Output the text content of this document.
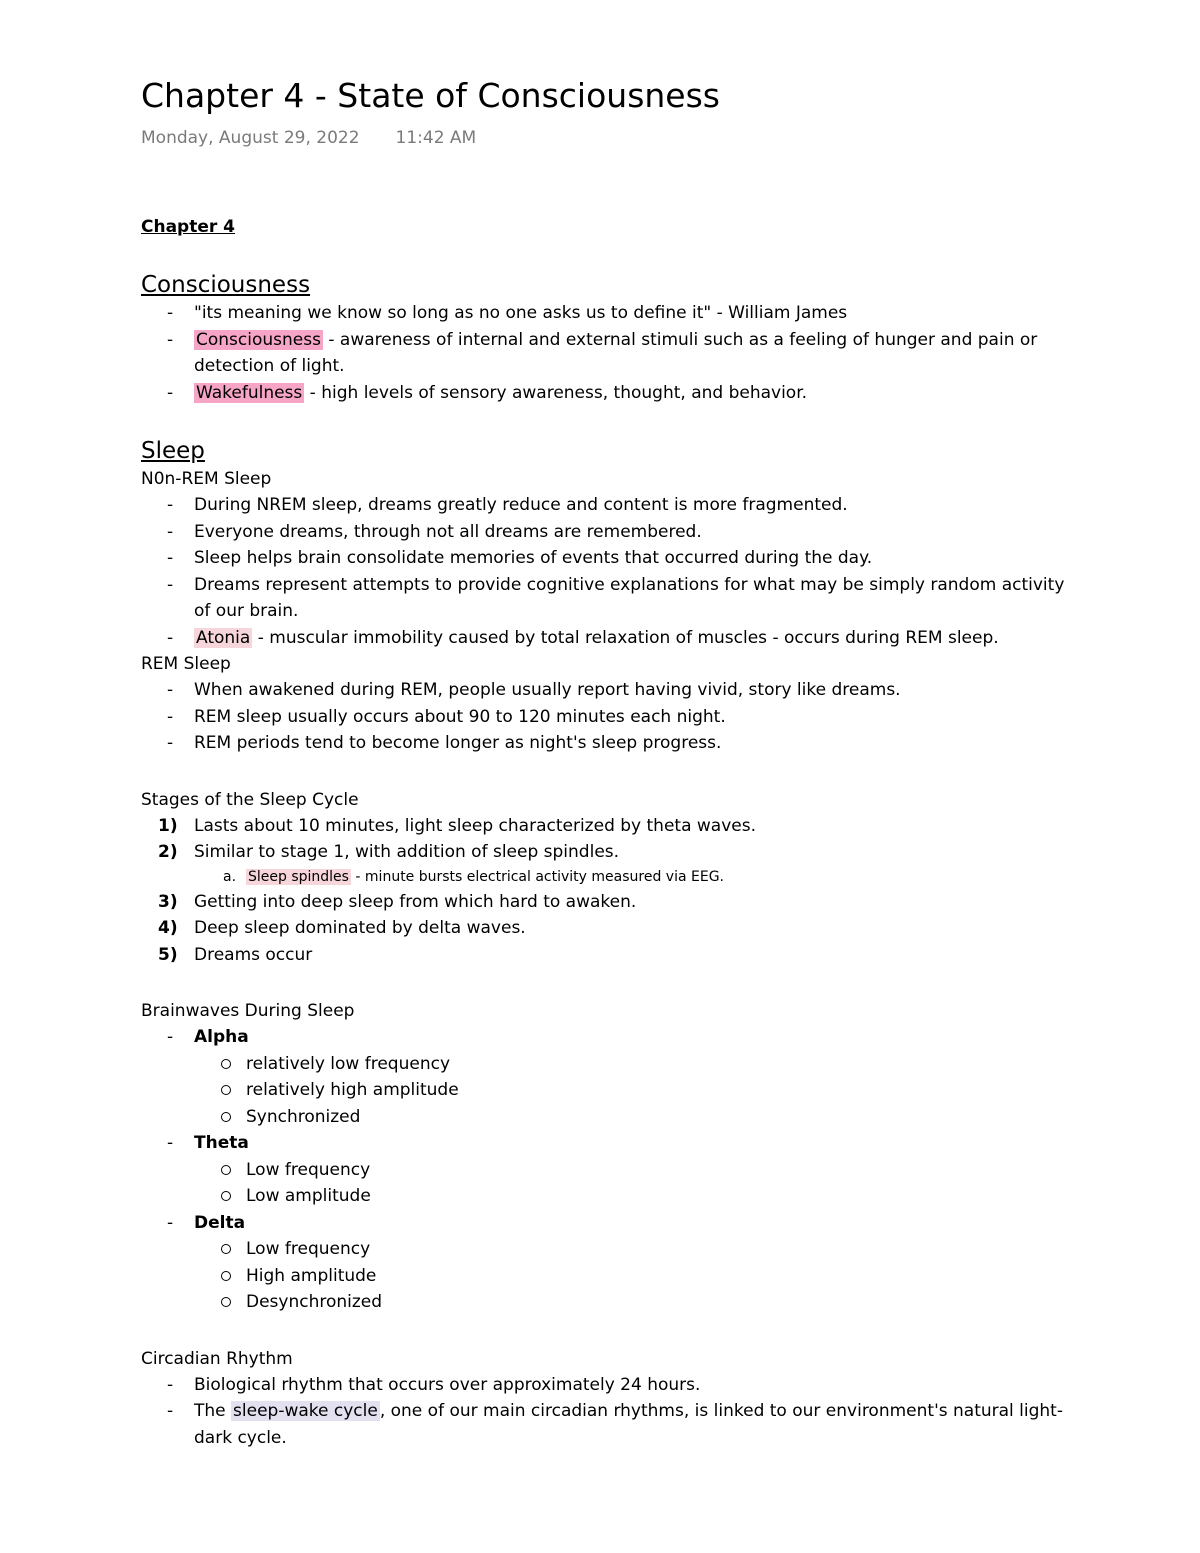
Chapter 4 - State of Consciousness
Monday, August 29, 2022 11:42 AM

Chapter 4

Consciousness
- "its meaning we know so long as no one asks us to define it" - William James
- Consciousness - awareness of internal and external stimuli such as a feeling of hunger and pain or detection of light.
- Wakefulness - high levels of sensory awareness, thought, and behavior.
Sleep

N0n-REM Sleep

- During NREM sleep, dreams greatly reduce and content is more fragmented.
- Everyone dreams, through not all dreams are remembered.
- Sleep helps brain consolidate memories of events that occurred during the day.
- Dreams represent attempts to provide cognitive explanations for what may be simply random activity of our brain.
- Atonia - muscular immobility caused by total relaxation of muscles - occurs during REM sleep.

REM Sleep

- When awakened during REM, people usually report having vivid, story like dreams.
- REM sleep usually occurs about 90 to 120 minutes each night.
- REM periods tend to become longer as night's sleep progress.

Stages of the Sleep Cycle

1) Lasts about 10 minutes, light sleep characterized by theta waves.
2) Similar to stage 1, with addition of sleep spindles.
a. Sleep spindles - minute bursts electrical activity measured via EEG.
3) Getting into deep sleep from which hard to awaken.
4) Deep sleep dominated by delta waves.
5) Dreams occur

Brainwaves During Sleep

- Alpha
relatively low frequency
relatively high amplitude
Synchronized
- Theta
Low frequency
Low amplitude
- Delta
Low frequency
High amplitude
Desynchronized

Circadian Rhythm

- Biological rhythm that occurs over approximately 24 hours.
- The sleep-wake cycle , one of our main circadian rhythms, is linked to our environment's natural light-dark cycle.
